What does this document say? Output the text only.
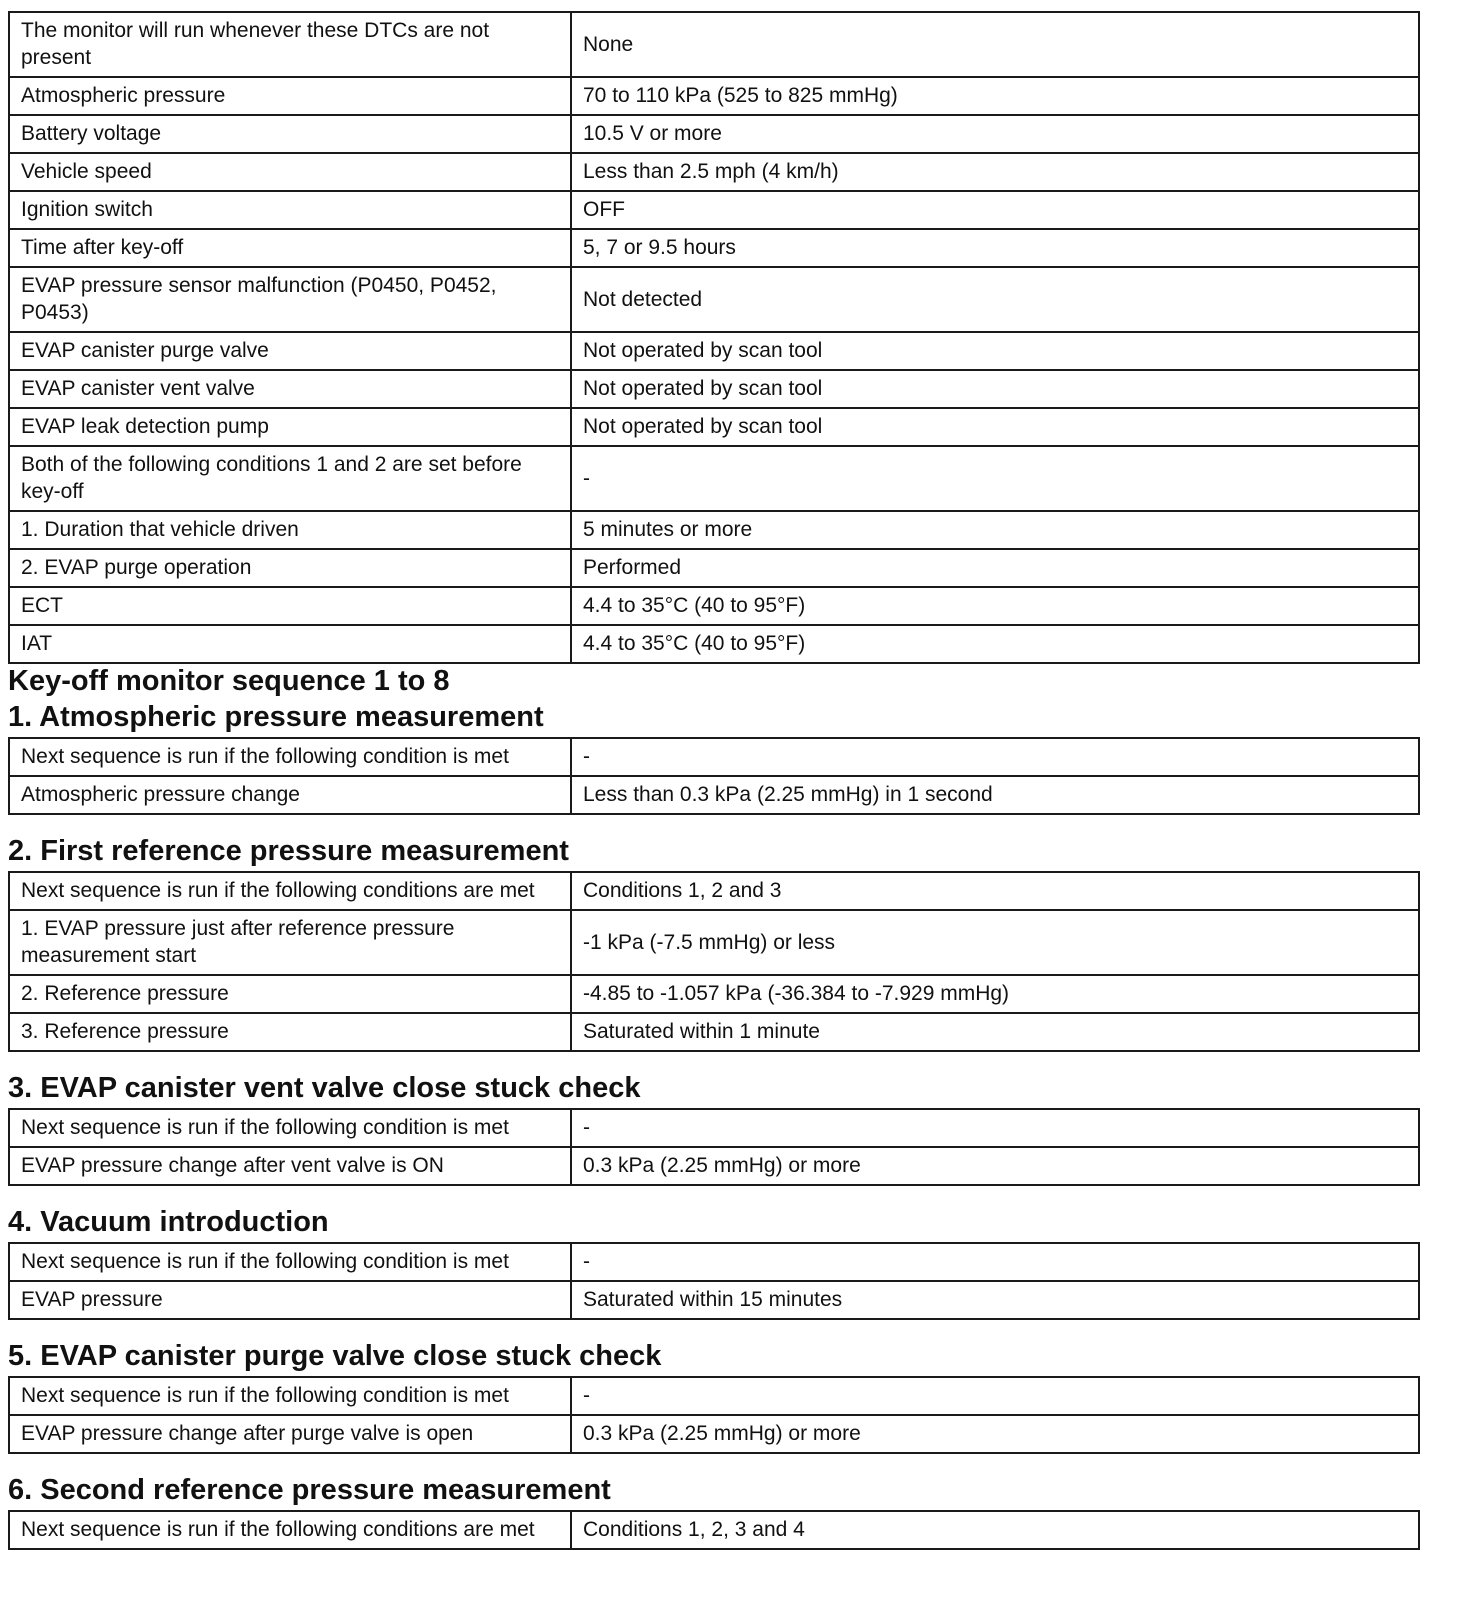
The monitor will run whenever these DTCs are not present	None
Atmospheric pressure	70 to 110 kPa (525 to 825 mmHg)
Battery voltage	10.5 V or more
Vehicle speed	Less than 2.5 mph (4 km/h)
Ignition switch	OFF
Time after key-off	5, 7 or 9.5 hours
EVAP pressure sensor malfunction (P0450, P0452, P0453)	Not detected
EVAP canister purge valve	Not operated by scan tool
EVAP canister vent valve	Not operated by scan tool
EVAP leak detection pump	Not operated by scan tool
Both of the following conditions 1 and 2 are set before key-off	-
1. Duration that vehicle driven	5 minutes or more
2. EVAP purge operation	Performed
ECT	4.4 to 35°C (40 to 95°F)
IAT	4.4 to 35°C (40 to 95°F)
Key-off monitor sequence 1 to 8
1. Atmospheric pressure measurement
Next sequence is run if the following condition is met	-
Atmospheric pressure change	Less than 0.3 kPa (2.25 mmHg) in 1 second
2. First reference pressure measurement
Next sequence is run if the following conditions are met	Conditions 1, 2 and 3
1. EVAP pressure just after reference pressure measurement start	-1 kPa (-7.5 mmHg) or less
2. Reference pressure	-4.85 to -1.057 kPa (-36.384 to -7.929 mmHg)
3. Reference pressure	Saturated within 1 minute
3. EVAP canister vent valve close stuck check
Next sequence is run if the following condition is met	-
EVAP pressure change after vent valve is ON	0.3 kPa (2.25 mmHg) or more
4. Vacuum introduction
Next sequence is run if the following condition is met	-
EVAP pressure	Saturated within 15 minutes
5. EVAP canister purge valve close stuck check
Next sequence is run if the following condition is met	-
EVAP pressure change after purge valve is open	0.3 kPa (2.25 mmHg) or more
6. Second reference pressure measurement
Next sequence is run if the following conditions are met	Conditions 1, 2, 3 and 4
